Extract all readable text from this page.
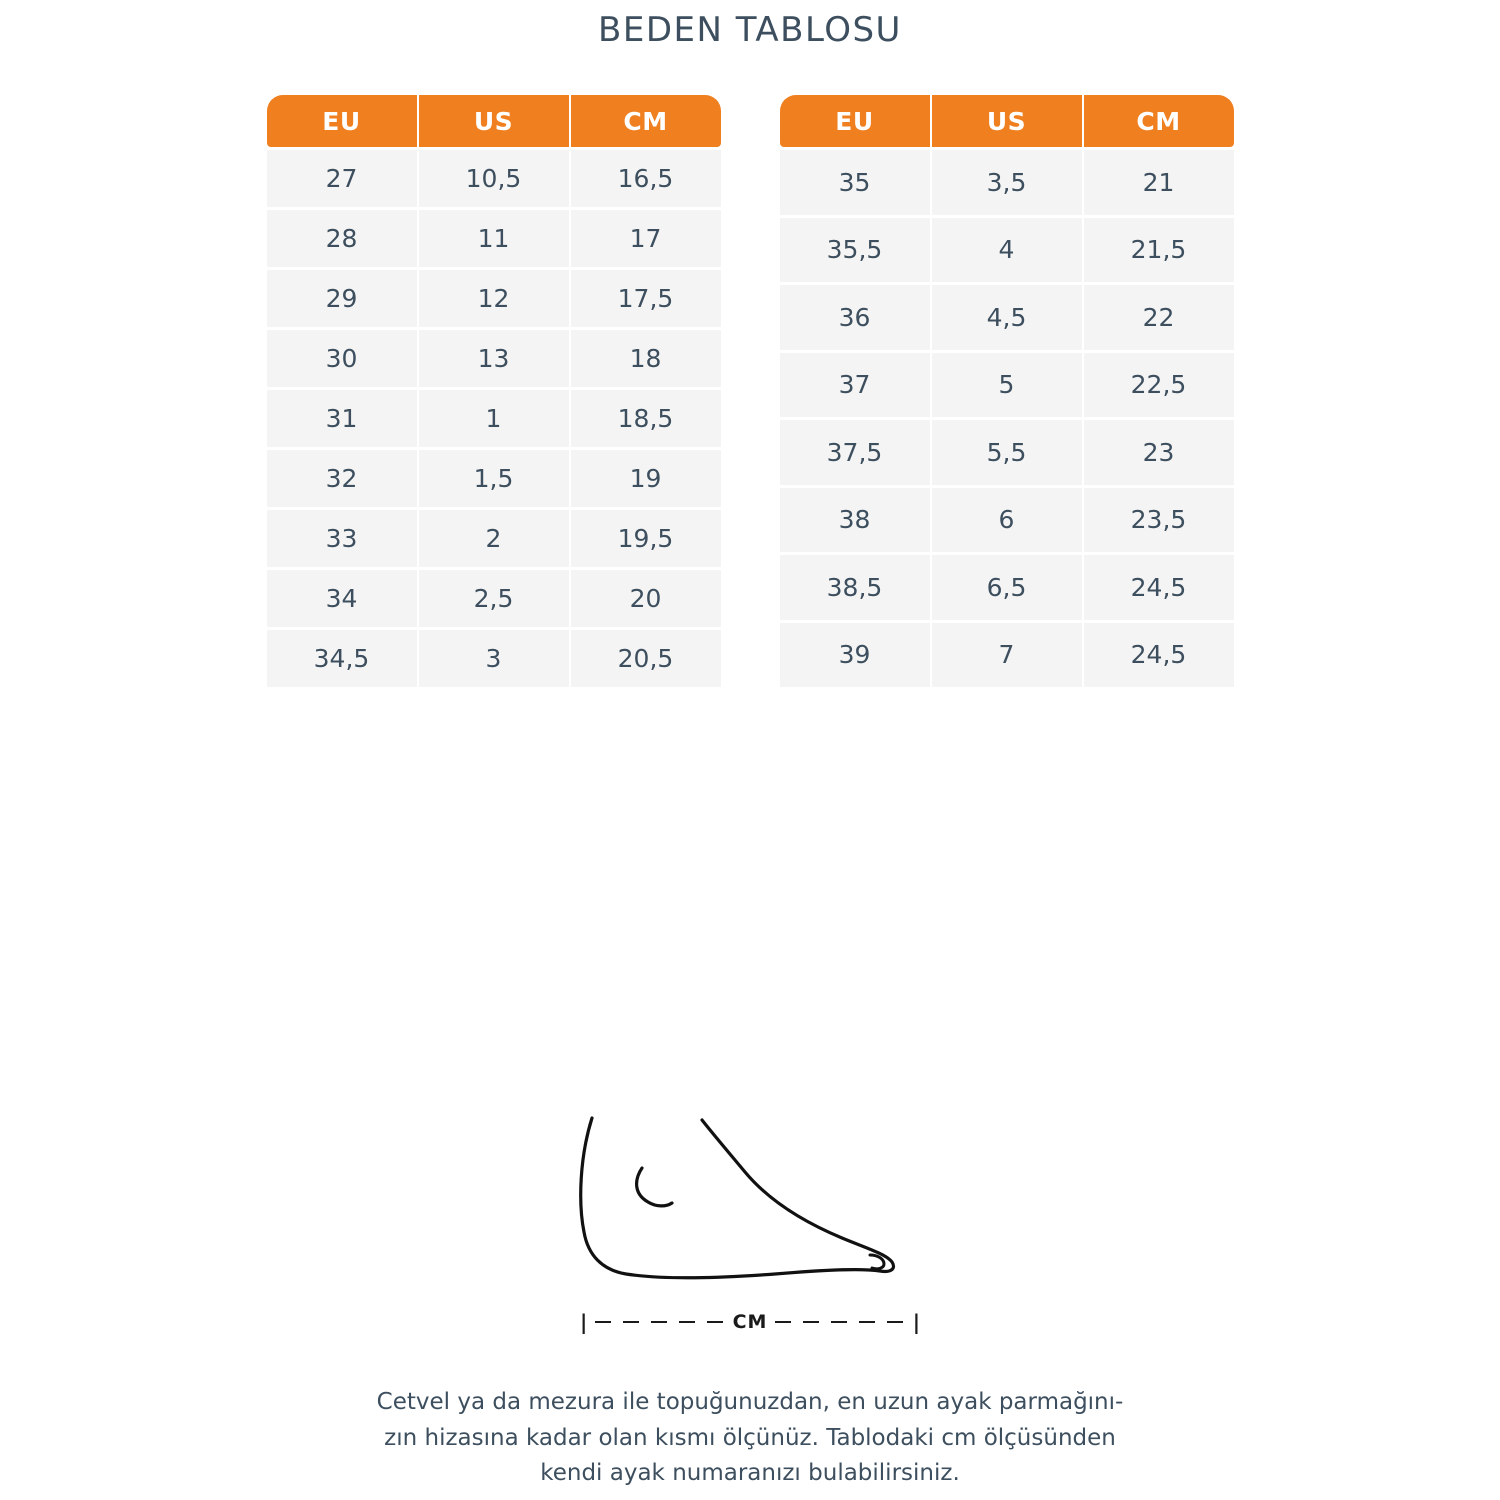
BEDEN TABLOSU
EU	US	CM
27	10,5	16,5
28	11	17
29	12	17,5
30	13	18
31	1	18,5
32	1,5	19
33	2	19,5
34	2,5	20
34,5	3	20,5
EU	US	CM
35	3,5	21
35,5	4	21,5
36	4,5	22
37	5	22,5
37,5	5,5	23
38	6	23,5
38,5	6,5	24,5
39	7	24,5
|	CM	|
Cetvel ya da mezura ile topuğunuzdan, en uzun ayak parmağını-
zın hizasına kadar olan kısmı ölçünüz. Tablodaki cm ölçüsünden
kendi ayak numaranızı bulabilirsiniz.
